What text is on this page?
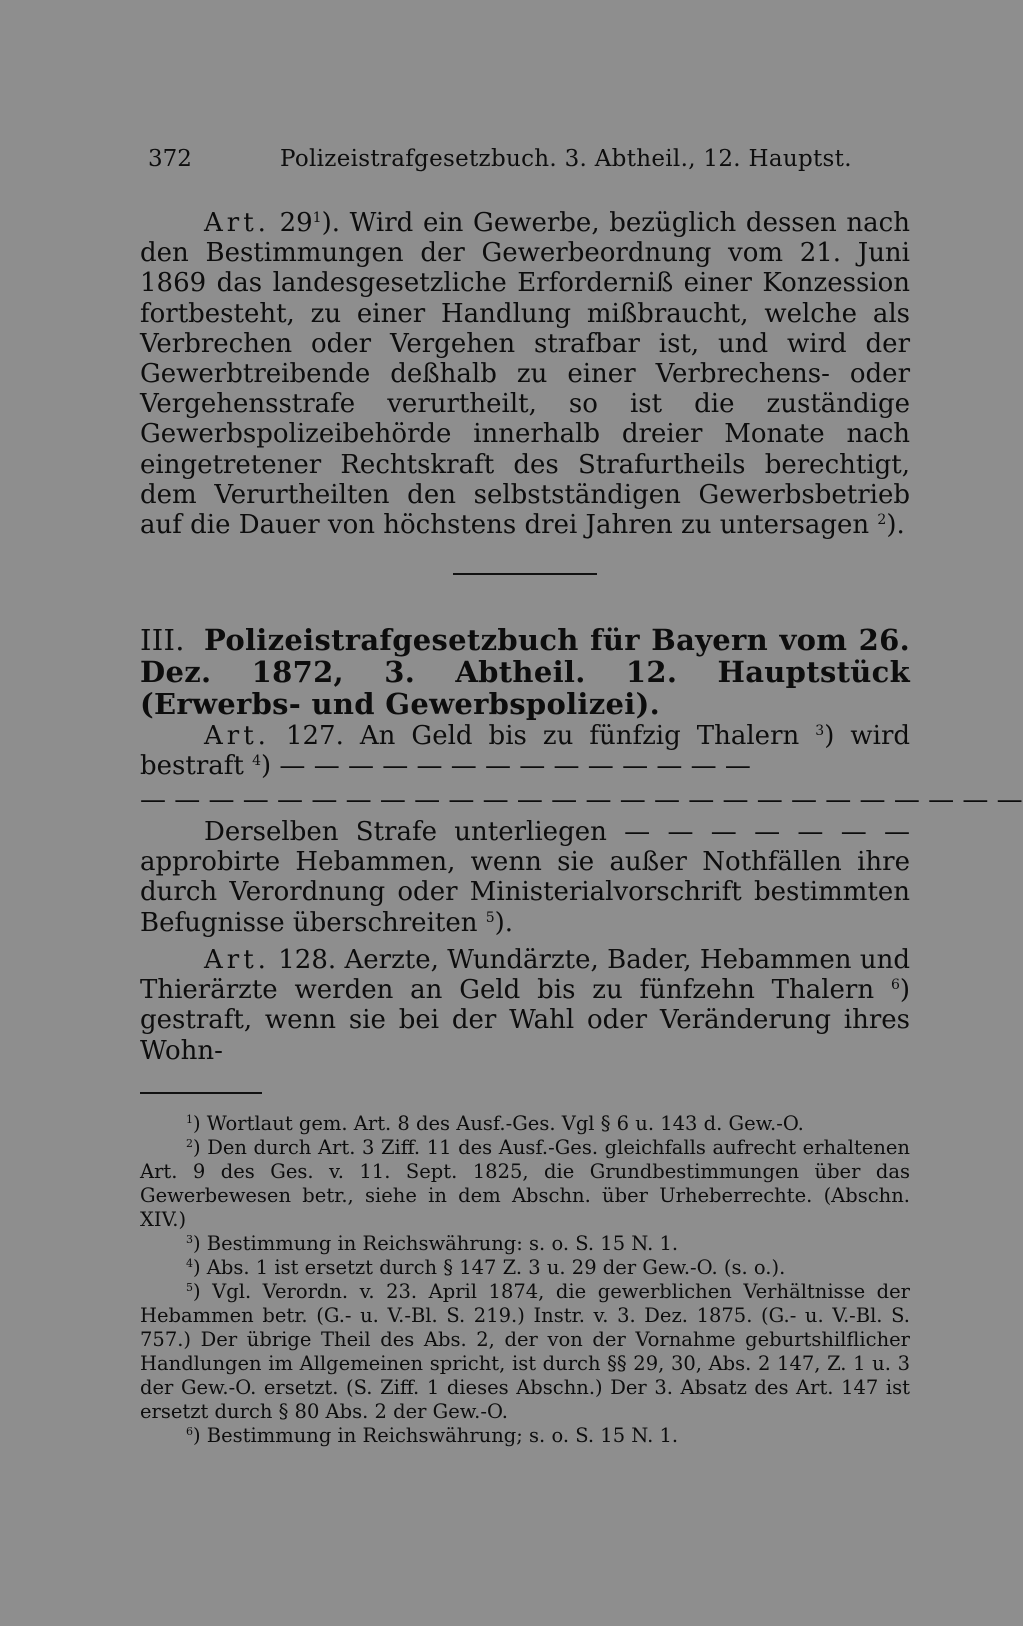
372	Polizeistrafgesetzbuch. 3. Abtheil., 12. Hauptst.

Art. $29^1$). Wird ein Gewerbe, bezüglich dessen nach den Bestimmungen der Gewerbeordnung vom 21. Juni 1869 das landesgesetzliche Erforderniß einer Konzession fortbesteht, zu einer Handlung mißbraucht, welche als Verbrechen oder Vergehen strafbar ist, und wird der Gewerbtreibende deßhalb zu einer Verbrechens- oder Vergehensstrafe verurtheilt, so ist die zuständige Gewerbspolizeibehörde innerhalb dreier Monate nach eingetretener Rechtskraft des Strafurtheils berechtigt, dem Verurtheilten den selbstständigen Gewerbsbetrieb auf die Dauer von höchstens drei Jahren zu untersagen $^2$).

III. Polizeistrafgesetzbuch für Bayern vom 26. Dez. 1872, 3. Abtheil. 12. Hauptstück (Erwerbs- und Gewerbspolizei).

Art. 127. An Geld bis zu fünfzig Thalern $^3$) wird bestraft $^4$) — — — — — — — — — — — — — —

— — — — — — — — — — — — — — — — — — — — — — — — — —

Derselben Strafe unterliegen — — — — — — — approbirte Hebammen, wenn sie außer Nothfällen ihre durch Verordnung oder Ministerialvorschrift bestimmten Befugnisse überschreiten $^5$).

Art. 128. Aerzte, Wundärzte, Bader, Hebammen und Thierärzte werden an Geld bis zu fünfzehn Thalern $^6$) gestraft, wenn sie bei der Wahl oder Veränderung ihres Wohn-

$^1$) Wortlaut gem. Art. 8 des Ausf.-Ges. Vgl § 6 u. 143 d. Gew.-O.

$^2$) Den durch Art. 3 Ziff. 11 des Ausf.-Ges. gleichfalls aufrecht erhaltenen Art. 9 des Ges. v. 11. Sept. 1825, die Grundbestimmungen über das Gewerbewesen betr., siehe in dem Abschn. über Urheberrechte. (Abschn. XIV.)

$^3$) Bestimmung in Reichswährung: s. o. S. 15 N. 1.

$^4$) Abs. 1 ist ersetzt durch § 147 Z. 3 u. 29 der Gew.-O. (s. o.).

$^5$) Vgl. Verordn. v. 23. April 1874, die gewerblichen Verhältnisse der Hebammen betr. (G.- u. V.-Bl. S. 219.) Instr. v. 3. Dez. 1875. (G.- u. V.-Bl. S. 757.) Der übrige Theil des Abs. 2, der von der Vornahme geburtshilflicher Handlungen im Allgemeinen spricht, ist durch §§ 29, 30, Abs. 2 147, Z. 1 u. 3 der Gew.-O. ersetzt. (S. Ziff. 1 dieses Abschn.) Der 3. Absatz des Art. 147 ist ersetzt durch § 80 Abs. 2 der Gew.-O.

$^6$) Bestimmung in Reichswährung; s. o. S. 15 N. 1.
